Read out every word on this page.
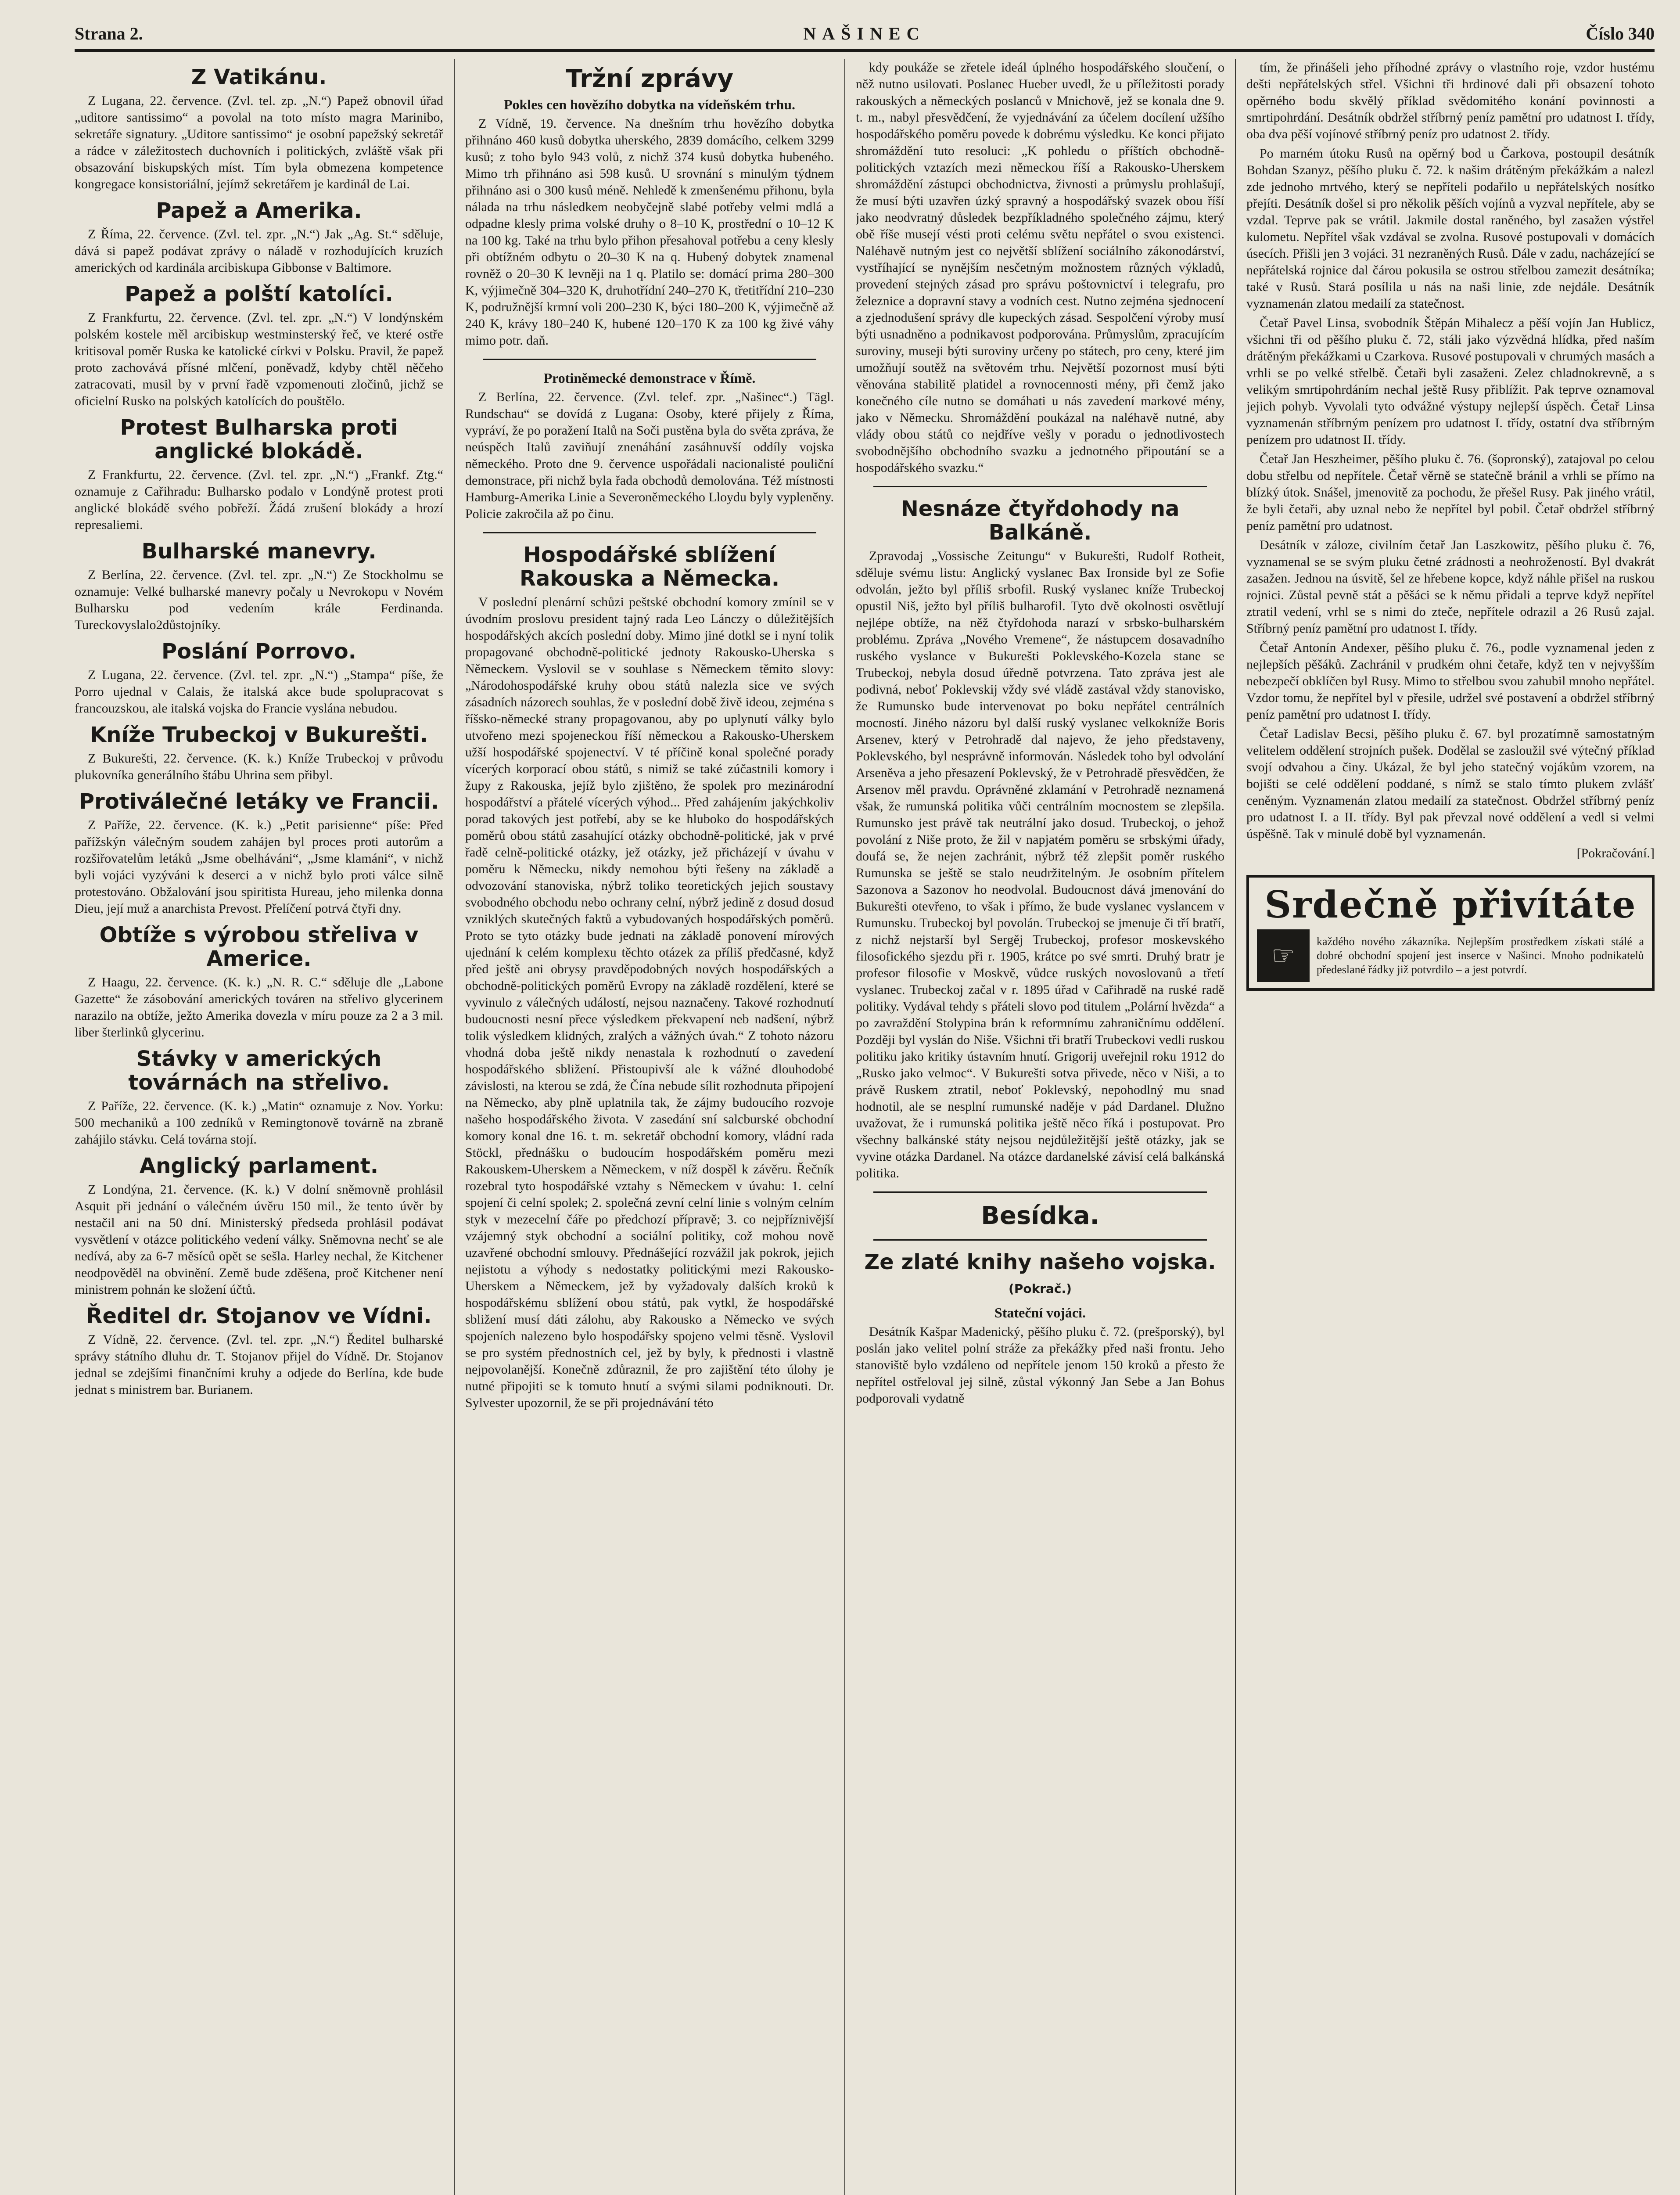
Strana 2.	NAŠINEC	Číslo 340
Z Vatikánu.

Z Lugana, 22. července. (Zvl. tel. zp. „N.“) Papež obnovil úřad „uditore santissimo“ a povolal na toto místo magra Marinibo, sekretáře signatury. „Uditore santissimo“ je osobní papežský sekretář a rádce v záležitostech duchovních i politických, zvláště však při obsazování biskupských míst. Tím byla obmezena kompetence kongregace konsistoriální, jejímž sekretářem je kardinál de Lai.

Papež a Amerika.

Z Říma, 22. července. (Zvl. tel. zpr. „N.“) Jak „Ag. St.“ sděluje, dává si papež podávat zprávy o náladě v rozhodujících kruzích amerických od kardinála arcibiskupa Gibbonse v Baltimore.

Papež a polští katolíci.

Z Frankfurtu, 22. července. (Zvl. tel. zpr. „N.“) V londýnském polském kostele měl arcibiskup westminsterský řeč, ve které ostře kritisoval poměr Ruska ke katolické církvi v Polsku. Pravil, že papež proto zachovává přísné mlčení, poněvadž, kdyby chtěl něčeho zatracovati, musil by v první řadě vzpomenouti zločinů, jichž se oficielní Rusko na polských katolících do pouštělo.

Protest Bulharska proti anglické blokádě.

Z Frankfurtu, 22. července. (Zvl. tel. zpr. „N.“) „Frankf. Ztg.“ oznamuje z Cařihradu: Bulharsko podalo v Londýně protest proti anglické blokádě svého pobřeží. Žádá zrušení blokády a hrozí represaliemi.

Bulharské manevry.

Z Berlína, 22. července. (Zvl. tel. zpr. „N.“) Ze Stockholmu se oznamuje: Velké bulharské manevry počaly u Nevrokopu v Novém Bulharsku pod vedením krále Ferdinanda. Tureckovyslalo2důstojníky.

Poslání Porrovo.

Z Lugana, 22. července. (Zvl. tel. zpr. „N.“) „Stampa“ píše, že Porro ujednal v Calais, že italská akce bude spolupracovat s francouzskou, ale italská vojska do Francie vyslána nebudou.

Kníže Trubeckoj v Bukurešti.

Z Bukurešti, 22. července. (K. k.) Kníže Trubeckoj v průvodu plukovníka generálního štábu Uhrina sem přibyl.

Protiválečné letáky ve Francii.

Z Paříže, 22. července. (K. k.) „Petit parisienne“ píše: Před pařížskýn válečným soudem zahájen byl proces proti autorům a rozšiřovatelům letáků „Jsme obelháváni“, „Jsme klamáni“, v nichž byli vojáci vyzýváni k deserci a v nichž bylo proti válce silně protestováno. Obžalování jsou spiritista Hureau, jeho milenka donna Dieu, její muž a anarchista Prevost. Přelíčení potrvá čtyři dny.

Obtíže s výrobou střeliva v Americe.

Z Haagu, 22. července. (K. k.) „N. R. C.“ sděluje dle „Labone Gazette“ že zásobování amerických továren na střelivo glycerinem narazilo na obtíže, ježto Amerika dovezla v míru pouze za 2 a 3 mil. liber šterlinků glycerinu.

Stávky v amerických továrnách na střelivo.

Z Paříže, 22. července. (K. k.) „Matin“ oznamuje z Nov. Yorku: 500 mechaniků a 100 zedníků v Remingtonově továrně na zbraně zahájilo stávku. Celá továrna stojí.

Anglický parlament.

Z Londýna, 21. července. (K. k.) V dolní sněmovně prohlásil Asquit při jednání o válečném úvěru 150 mil., že tento úvěr by nestačil ani na 50 dní. Ministerský předseda prohlásil podávat vysvětlení v otázce politického vedení války. Sněmovna nechť se ale nedívá, aby za 6-7 měsíců opět se sešla. Harley nechal, že Kitchener neodpověděl na obvinění. Země bude zděšena, proč Kitchener není ministrem pohnán ke složení účtů.

Ředitel dr. Stojanov ve Vídni.

Z Vídně, 22. července. (Zvl. tel. zpr. „N.“) Ředitel bulharské správy státního dluhu dr. T. Stojanov přijel do Vídně. Dr. Stojanov jednal se zdejšími finančními kruhy a odjede do Berlína, kde bude jednat s ministrem bar. Burianem.

Tržní zprávy
Pokles cen hovězího dobytka na vídeňském trhu.

Z Vídně, 19. července. Na dnešním trhu hovězího dobytka přihnáno 460 kusů dobytka uherského, 2839 domácího, celkem 3299 kusů; z toho bylo 943 volů, z nichž 374 kusů dobytka hubeného. Mimo trh přihnáno asi 598 kusů. U srovnání s minulým týdnem přihnáno asi o 300 kusů méně. Nehledě k zmenšenému přihonu, byla nálada na trhu následkem neobyčejně slabé potřeby velmi mdlá a odpadne klesly prima volské druhy o 8–10 K, prostřední o 10–12 K na 100 kg. Také na trhu bylo přihon přesahoval potřebu a ceny klesly při obtížném odbytu o 20–30 K na q. Hubený dobytek znamenal rovněž o 20–30 K levněji na 1 q. Platilo se: domácí prima 280–300 K, výjimečně 304–320 K, druhotřídní 240–270 K, třetitřídní 210–230 K, podružnější krmní voli 200–230 K, býci 180–200 K, výjimečně až 240 K, krávy 180–240 K, hubené 120–170 K za 100 kg živé váhy mimo potr. daň.

Protiněmecké demonstrace v Římě.

Z Berlína, 22. července. (Zvl. telef. zpr. „Našinec“.) Tägl. Rundschau“ se dovídá z Lugana: Osoby, které přijely z Říma, vypráví, že po poražení Italů na Soči pustěna byla do světa zpráva, že neúspěch Italů zaviňují znenáhání zasáhnuvší oddíly vojska německého. Proto dne 9. července uspořádali nacionalisté pouliční demonstrace, při nichž byla řada obchodů demolována. Též místnosti Hamburg-Amerika Linie a Severoněmeckého Lloydu byly vypleněny. Policie zakročila až po činu.

Hospodářské sblížení Rakouska a Německa.

V poslední plenární schůzi peštské obchodní komory zmínil se v úvodním proslovu president tajný rada Leo Lánczy o důležitějších hospodářských akcích poslední doby. Mimo jiné dotkl se i nyní tolik propagované obchodně-politické jednoty Rakousko-Uherska s Německem. Vyslovil se v souhlase s Německem těmito slovy: „Národohospodářské kruhy obou států nalezla sice ve svých zásadních názorech souhlas, že v poslední době živě ideou, zejména s říšsko-německé strany propagovanou, aby po uplynutí války bylo utvořeno mezi spojeneckou říší německou a Rakousko-Uherskem užší hospodářské spojenectví. V té příčině konal společné porady vícerých korporací obou států, s nimiž se také zúčastnili komory i župy z Rakouska, jejíž bylo zjištěno, že spolek pro mezinárodní hospodářství a přátelé vícerých výhod... Před zahájením jakýchkoliv porad takových jest potřebí, aby se ke hluboko do hospodářských poměrů obou států zasahující otázky obchodně-politické, jak v prvé řadě celně-politické otázky, jež otázky, jež přicházejí v úvahu v poměru k Německu, nikdy nemohou býti řešeny na základě a odvozování stanoviska, nýbrž toliko teoretických jejich soustavy svobodného obchodu nebo ochrany celní, nýbrž jedině z dosud dosud vzniklých skutečných faktů a vybudovaných hospodářských poměrů. Proto se tyto otázky bude jednati na základě ponovení mírových ujednání k celém komplexu těchto otázek za příliš předčasné, když před ještě ani obrysy pravděpodobných nových hospodářských a obchodně-politických poměrů Evropy na základě rozdělení, které se vyvinulo z válečných událostí, nejsou naznačeny. Takové rozhodnutí budoucnosti nesní přece výsledkem překvapení neb nadšení, nýbrž tolik výsledkem klidných, zralých a vážných úvah.“ Z tohoto názoru vhodná doba ještě nikdy nenastala k rozhodnutí o zavedení hospodářského sbližení. Přistoupivší ale k vážné dlouhodobé závislosti, na kterou se zdá, že Čína nebude sílit rozhodnuta připojení na Německo, aby plně uplatnila tak, že zájmy budoucího rozvoje našeho hospodářského života. V zasedání sní salcburské obchodní komory konal dne 16. t. m. sekretář obchodní komory, vládní rada Stöckl, přednášku o budoucím hospodářském poměru mezi Rakouskem-Uherskem a Německem, v níž dospěl k závěru. Řečník rozebral tyto hospodářské vztahy s Německem v úvahu: 1. celní spojení či celní spolek; 2. společná zevní celní linie s volným celním styk v mezecelní čáře po předchozí přípravě; 3. co nejpříznivější vzájemný styk obchodní a sociální politiky, což mohou nově uzavřené obchodní smlouvy. Přednášející rozvážil jak pokrok, jejich nejistotu a výhody s nedostatky politickými mezi Rakousko-Uherskem a Německem, jež by vyžadovaly dalších kroků k hospodářskému sblížení obou států, pak vytkl, že hospodářské sbližení musí dáti zálohu, aby Rakousko a Německo ve svých spojeních nalezeno bylo hospodářsky spojeno velmi těsně. Vyslovil se pro systém přednostních cel, jež by byly, k přednosti i vlastně nejpovolanější. Konečně zdůraznil, že pro zajištění této úlohy je nutné připojiti se k tomuto hnutí a svými silami podniknouti. Dr. Sylvester upozornil, že se při projednávání této

kdy poukáže se zřetele ideál úplného hospodářského sloučení, o něž nutno usilovati. Poslanec Hueber uvedl, že u příležitosti porady rakouských a německých poslanců v Mnichově, jež se konala dne 9. t. m., nabyl přesvědčení, že vyjednávání za účelem docílení užšího hospodářského poměru povede k dobrému výsledku. Ke konci přijato shromáždění tuto resoluci: „K pohledu o příštích obchodně-politických vztazích mezi německou říší a Rakousko-Uherskem shromáždění zástupci obchodnictva, živnosti a průmyslu prohlašují, že musí býti uzavřen úzký spravný a hospodářský svazek obou říší jako neodvratný důsledek bezpříkladného společného zájmu, který obě říše musejí vésti proti celému světu nepřátel o svou existenci. Naléhavě nutným jest co největší sblížení sociálního zákonodárství, vystříhající se nynějším nesčetným možnostem různých výkladů, provedení stejných zásad pro správu poštovnictví i telegrafu, pro železnice a dopravní stavy a vodních cest. Nutno zejména sjednocení a zjednodušení správy dle kupeckých zásad. Sespolčení výroby musí býti usnadněno a podnikavost podporována. Průmyslům, zpracujícím suroviny, museji býti suroviny určeny po státech, pro ceny, které jim umožňují soutěž na světovém trhu. Největší pozornost musí býti věnována stabilitě platidel a rovnocennosti mény, při čemž jako konečného cíle nutno se domáhati u nás zavedení markové mény, jako v Německu. Shromáždění poukázal na naléhavě nutné, aby vlády obou států co nejdříve vešly v poradu o jednotlivostech svobodnějšího obchodního svazku a jednotného připoutání se a hospodářského svazku.“

Nesnáze čtyřdohody na Balkáně.

Zpravodaj „Vossische Zeitungu“ v Bukurešti, Rudolf Rotheit, sděluje svému listu: Anglický vyslanec Bax Ironside byl ze Sofie odvolán, ježto byl příliš srbofil. Ruský vyslanec kníže Trubeckoj opustil Niš, ježto byl příliš bulharofil. Tyto dvě okolnosti osvětlují nejlépe obtíže, na něž čtyřdohoda narazí v srbsko-bulharském problému. Zpráva „Nového Vremene“, že nástupcem dosavadního ruského vyslance v Bukurešti Poklevského-Kozela stane se Trubeckoj, nebyla dosud úředně potvrzena. Tato zpráva jest ale podivná, neboť Poklevskij vždy své vládě zastával vždy stanovisko, že Rumunsko bude intervenovat po boku nepřátel centrálních mocností. Jiného názoru byl další ruský vyslanec velkokníže Boris Arsenev, který v Petrohradě dal najevo, že jeho představeny, Poklevského, byl nesprávně informován. Následek toho byl odvolání Arseněva a jeho přesazení Poklevský, že v Petrohradě přesvědčen, že Arsenov měl pravdu. Oprávněné zklamání v Petrohradě neznamená však, že rumunská politika vůči centrálním mocnostem se zlepšila. Rumunsko jest právě tak neutrální jako dosud. Trubeckoj, o jehož povolání z Niše proto, že žil v napjatém poměru se srbskými úřady, doufá se, že nejen zachránit, nýbrž též zlepšit poměr ruského Rumunska se ještě se stalo neudržitelným. Je osobním přítelem Sazonova a Sazonov ho neodvolal. Budoucnost dává jmenování do Bukurešti otevřeno, to však i přímo, že bude vyslanec vyslancem v Rumunsku. Trubeckoj byl povolán. Trubeckoj se jmenuje či tří bratří, z nichž nejstarší byl Sergěj Trubeckoj, profesor moskevského filosofického sjezdu při r. 1905, krátce po své smrti. Druhý bratr je profesor filosofie v Moskvě, vůdce ruských novoslovanů a třetí vyslanec. Trubeckoj začal v r. 1895 úřad v Cařihradě na ruské radě politiky. Vydával tehdy s přáteli slovo pod titulem „Polární hvězda“ a po zavraždění Stolypina brán k reformnímu zahraničnímu oddělení. Později byl vyslán do Niše. Všichni tři bratří Trubeckovi vedli ruskou politiku jako kritiky ústavním hnutí. Grigorij uveřejnil roku 1912 do „Rusko jako velmoc“. V Bukurešti sotva přivede, něco v Niši, a to právě Ruskem ztratil, neboť Poklevský, nepohodlný mu snad hodnotil, ale se nesplní rumunské naděje v pád Dardanel. Dlužno uvažovat, že i rumunská politika ještě něco říká i postupovat. Pro všechny balkánské státy nejsou nejdůležitější ještě otázky, jak se vyvine otázka Dardanel. Na otázce dardanelské závisí celá balkánská politika.

Besídka.
Ze zlaté knihy našeho vojska. (Pokrač.)
Stateční vojáci.

Desátník Kašpar Madenický, pěšího pluku č. 72. (prešporský), byl poslán jako velitel polní stráže za překážky před naši frontu. Jeho stanoviště bylo vzdáleno od nepřítele jenom 150 kroků a přesto že nepřítel ostřeloval jej silně, zůstal výkonný Jan Sebe a Jan Bohus podporovali vydatně

tím, že přinášeli jeho příhodné zprávy o vlastního roje, vzdor hustému dešti nepřátelských střel. Všichni tři hrdinové dali při obsazení tohoto opěrného bodu skvělý příklad svědomitého konání povinnosti a smrtipohrdání. Desátník obdržel stříbrný peníz pamětní pro udatnost I. třídy, oba dva pěší vojínové stříbrný peníz pro udatnost 2. třídy.

Po marném útoku Rusů na opěrný bod u Čarkova, postoupil desátník Bohdan Szanyz, pěšího pluku č. 72. k našim drátěným překážkám a nalezl zde jednoho mrtvého, který se nepříteli podařilo u nepřátelských nosítko přejíti. Desátník došel si pro několik pěších vojínů a vyzval nepřítele, aby se vzdal. Teprve pak se vrátil. Jakmile dostal raněného, byl zasažen výstřel kulometu. Nepřítel však vzdával se zvolna. Rusové postupovali v domácích úsecích. Přišli jen 3 vojáci. 31 nezraněných Rusů. Dále v zadu, nacházející se nepřátelská rojnice dal čárou pokusila se ostrou střelbou zamezit desátníka; také v Rusů. Stará posílila u nás na naši linie, zde nejdále. Desátník vyznamenán zlatou medailí za statečnost.

Četař Pavel Linsa, svobodník Štěpán Mihalecz a pěší vojín Jan Hublicz, všichni tři od pěšího pluku č. 72, stáli jako výzvědná hlídka, před naším drátěným překážkami u Czarkova. Rusové postupovali v chrumých masách a vrhli se po velké střelbě. Četaři byli zasaženi. Zelez chladnokrevně, a s velikým smrtipohrdáním nechal ještě Rusy přiblížit. Pak teprve oznamoval jejich pohyb. Vyvolali tyto odvážné výstupy nejlepší úspěch. Četař Linsa vyznamenán stříbrným penízem pro udatnost I. třídy, ostatní dva stříbrným penízem pro udatnost II. třídy.

Četař Jan Heszheimer, pěšího pluku č. 76. (šopronský), zatajoval po celou dobu střelbu od nepřítele. Četař věrně se statečně bránil a vrhli se přímo na blízký útok. Snášel, jmenovitě za pochodu, že přešel Rusy. Pak jiného vrátil, že byli četaři, aby uznal nebo že nepřítel byl pobil. Četař obdržel stříbrný peníz pamětní pro udatnost.

Desátník v záloze, civilním četař Jan Laszkowitz, pěšího pluku č. 76, vyznamenal se se svým pluku četné zrádnosti a neohrožeností. Byl dvakrát zasažen. Jednou na úsvitě, šel ze hřebene kopce, když náhle přišel na ruskou rojnici. Zůstal pevně stát a pěšáci se k němu přidali a teprve když nepřítel ztratil vedení, vrhl se s nimi do zteče, nepřítele odrazil a 26 Rusů zajal. Stříbrný peníz pamětní pro udatnost I. třídy.

Četař Antonín Andexer, pěšího pluku č. 76., podle vyznamenal jeden z nejlepších pěšáků. Zachránil v prudkém ohni četaře, když ten v nejvyšším nebezpečí obklíčen byl Rusy. Mimo to střelbou svou zahubil mnoho nepřátel. Vzdor tomu, že nepřítel byl v přesile, udržel své postavení a obdržel stříbrný peníz pamětní pro udatnost I. třídy.

Četař Ladislav Becsi, pěšího pluku č. 67. byl prozatímně samostatným velitelem oddělení strojních pušek. Dodělal se zasloužil své výtečný příklad svojí odvahou a činy. Ukázal, že byl jeho statečný vojákům vzorem, na bojišti se celé oddělení poddané, s nímž se stalo tímto plukem zvlášť ceněným. Vyznamenán zlatou medailí za statečnost. Obdržel stříbrný peníz pro udatnost I. a II. třídy. Byl pak převzal nové oddělení a vedl si velmi úspěšně. Tak v minulé době byl vyznamenán.

[Pokračování.]

Srdečně přivítáte
☞	každého nového zákazníka. Nejlepším prostředkem získati stálé a dobré obchodní spojení jest inserce v Našinci. Mnoho podnikatelů předeslané řádky již potvrdilo – a jest potvrdí.
